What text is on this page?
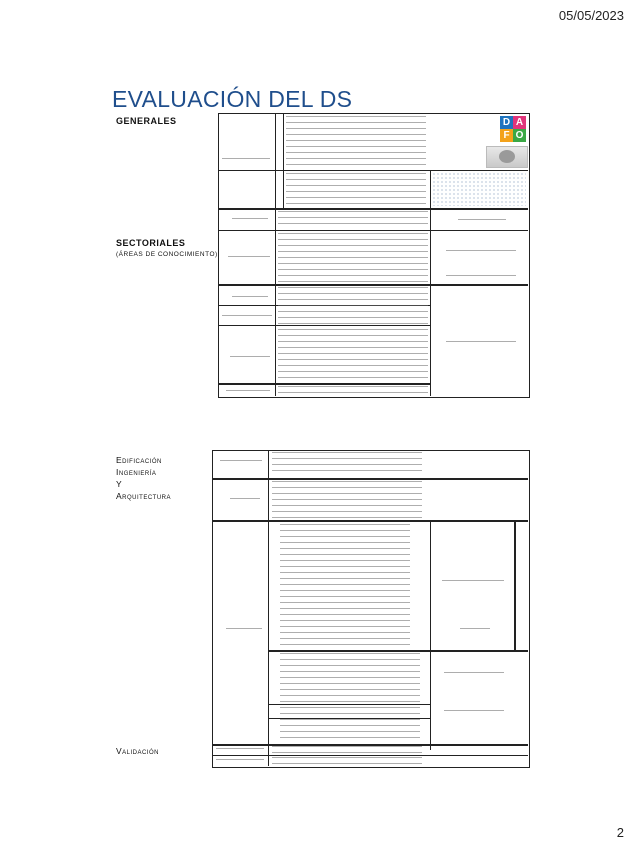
05/05/2023
EVALUACIÓN DEL DS
GENERALES
SECTORIALES
(ÁREAS DE CONOCIMIENTO)
Edificación
Ingeniería
Y
Arquitectura
Validación
D A
F O
2
